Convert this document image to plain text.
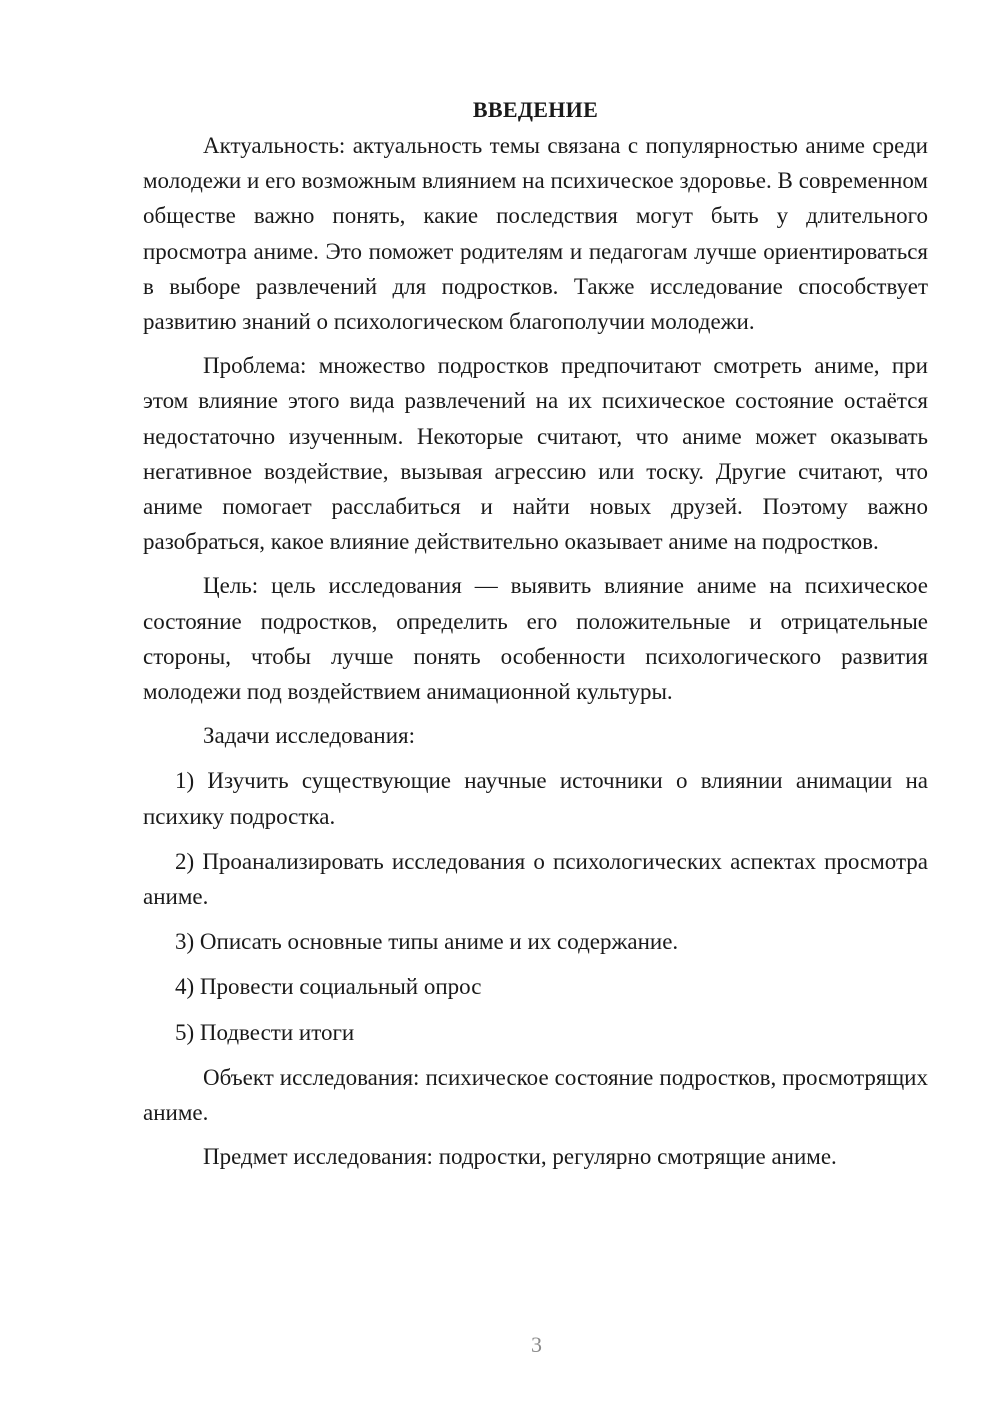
ВВЕДЕНИЕ

Актуальность: актуальность темы связана с популярностью аниме среди молодежи и его возможным влиянием на психическое здоровье. В современном обществе важно понять, какие последствия могут быть у длительного просмотра аниме. Это поможет родителям и педагогам лучше ориентироваться в выборе развлечений для подростков. Также исследование способствует развитию знаний о психологическом благополучии молодежи.

Проблема: множество подростков предпочитают смотреть аниме, при этом влияние этого вида развлечений на их психическое состояние остаётся недостаточно изученным. Некоторые считают, что аниме может оказывать негативное воздействие, вызывая агрессию или тоску. Другие считают, что аниме помогает расслабиться и найти новых друзей. Поэтому важно разобраться, какое влияние действительно оказывает аниме на подростков.

Цель: цель исследования — выявить влияние аниме на психическое состояние подростков, определить его положительные и отрицательные стороны, чтобы лучше понять особенности психологического развития молодежи под воздействием анимационной культуры.

Задачи исследования:

1) Изучить существующие научные источники о влиянии анимации на психику подростка.

2) Проанализировать исследования о психологических аспектах просмотра аниме.

3) Описать основные типы аниме и их содержание.

4) Провести социальный опрос

5) Подвести итоги

Объект исследования: психическое состояние подростков, просмотрящих аниме.

Предмет исследования: подростки, регулярно смотрящие аниме.

3
